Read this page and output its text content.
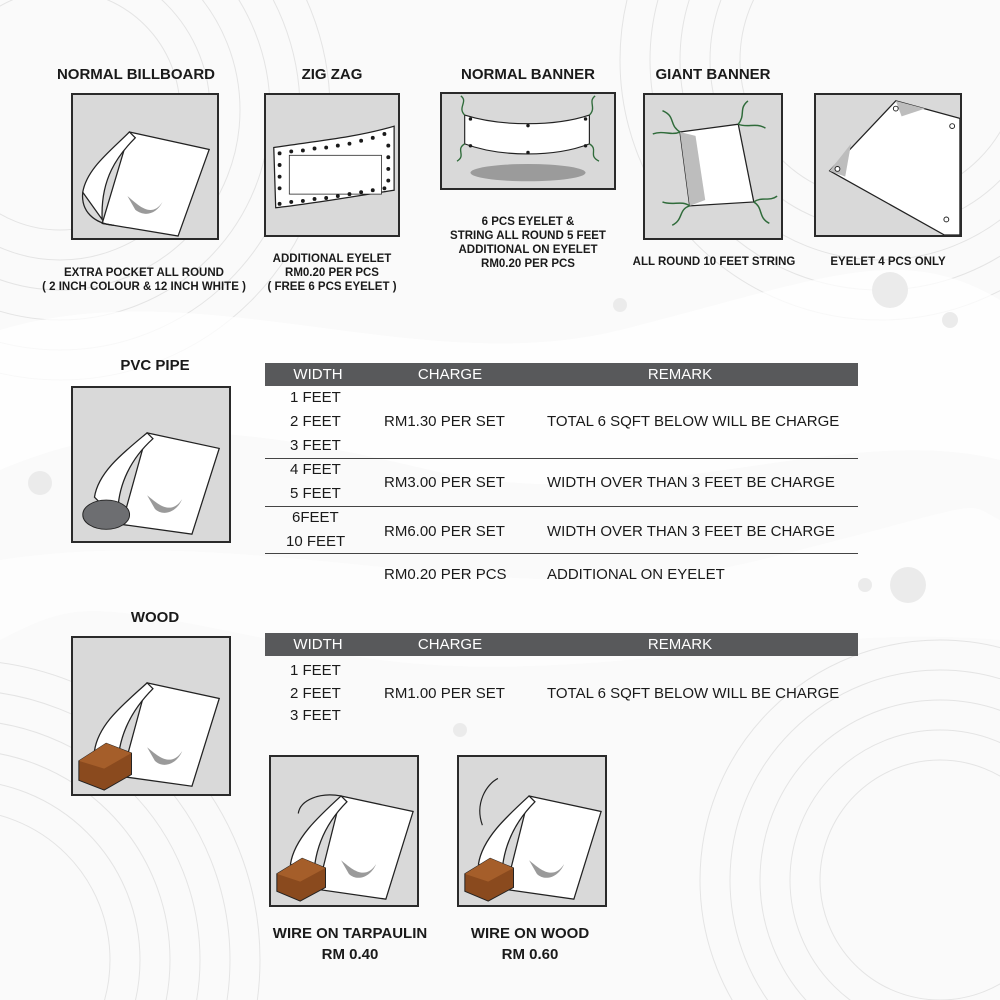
NORMAL BILLBOARD
EXTRA POCKET ALL ROUND
( 2 INCH COLOUR & 12 INCH WHITE )
ZIG ZAG
ADDITIONAL EYELET
RM0.20 PER PCS
( FREE 6 PCS EYELET )
NORMAL BANNER
6 PCS EYELET &
STRING ALL ROUND 5 FEET
ADDITIONAL ON EYELET
RM0.20 PER PCS
GIANT BANNER
ALL ROUND 10 FEET STRING	EYELET 4 PCS ONLY
PVC PIPE
WIDTH	CHARGE	REMARK
1 FEET
2 FEET
3 FEET
RM1.30 PER SET	TOTAL 6 SQFT BELOW WILL BE CHARGE
4 FEET
5 FEET
RM3.00 PER SET	WIDTH OVER THAN 3 FEET BE CHARGE
6FEET
10 FEET
RM6.00 PER SET	WIDTH OVER THAN 3 FEET BE CHARGE
RM0.20 PER PCS	ADDITIONAL ON EYELET
WOOD
WIDTH	CHARGE	REMARK
1 FEET
2 FEET
3 FEET
RM1.00 PER SET	TOTAL 6 SQFT BELOW WILL BE CHARGE
WIRE ON TARPAULIN
RM 0.40
WIRE ON WOOD
RM 0.60
